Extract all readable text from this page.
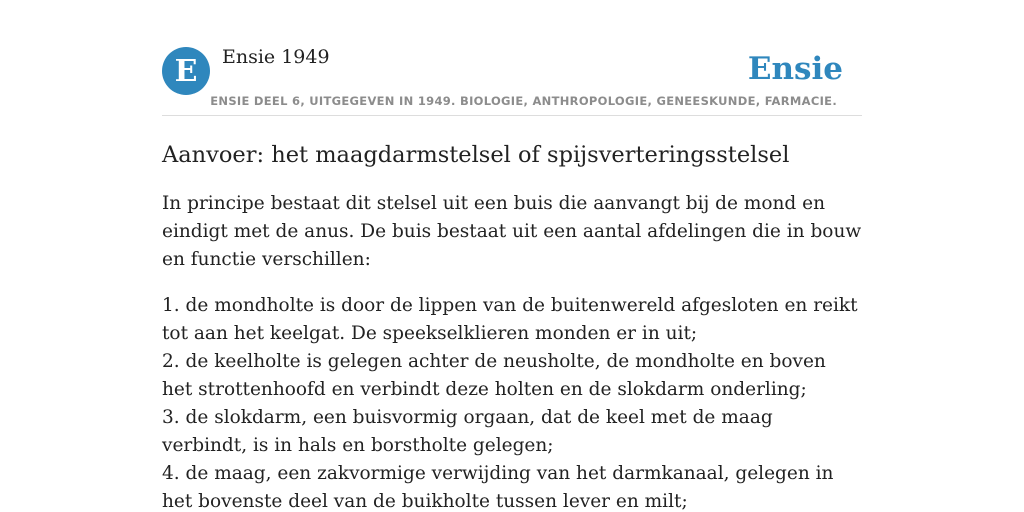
E Ensie 1949	Ensie
ENSIE DEEL 6, UITGEGEVEN IN 1949. BIOLOGIE, ANTHROPOLOGIE, GENEESKUNDE, FARMACIE.
Aanvoer: het maagdarmstelsel of spijsverteringsstelsel

In principe bestaat dit stelsel uit een buis die aanvangt bij de mond en eindigt met de anus. De buis bestaat uit een aantal afdelingen die in bouw en functie verschillen:

1. de mondholte is door de lippen van de buitenwereld afgesloten en reikt tot aan het keelgat. De speekselklieren monden er in uit;
2. de keelholte is gelegen achter de neusholte, de mondholte en boven het strottenhoofd en verbindt deze holten en de slokdarm onderling;
3. de slokdarm, een buisvormig orgaan, dat de keel met de maag verbindt, is in hals en borstholte gelegen;
4. de maag, een zakvormige verwijding van het darmkanaal, gelegen in het bovenste deel van de buikholte tussen lever en milt;
